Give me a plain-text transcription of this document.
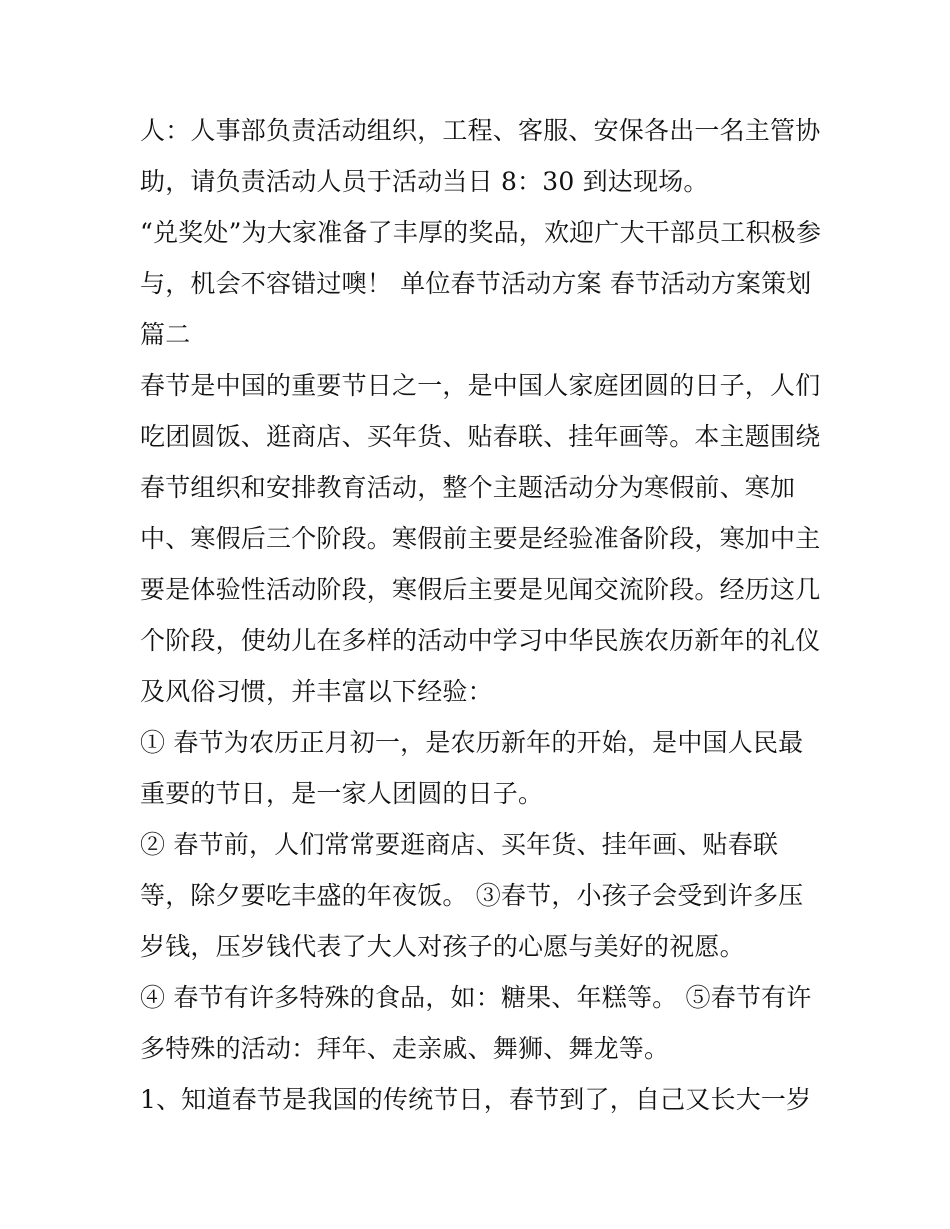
人：人事部负责活动组织，工程、客服、安保各出一名主管协
助，请负责活动人员于活动当日 8：30 到达现场。
“兑奖处”为大家准备了丰厚的奖品，欢迎广大干部员工积极参
与，机会不容错过噢！ 单位春节活动方案 春节活动方案策划
篇二
春节是中国的重要节日之一，是中国人家庭团圆的日子，人们
吃团圆饭、逛商店、买年货、贴春联、挂年画等。本主题围绕
春节组织和安排教育活动，整个主题活动分为寒假前、寒加
中、寒假后三个阶段。寒假前主要是经验准备阶段，寒加中主
要是体验性活动阶段，寒假后主要是见闻交流阶段。经历这几
个阶段，使幼儿在多样的活动中学习中华民族农历新年的礼仪
及风俗习惯，并丰富以下经验：
① 春节为农历正月初一，是农历新年的开始，是中国人民最
重要的节日，是一家人团圆的日子。
② 春节前，人们常常要逛商店、买年货、挂年画、贴春联
等，除夕要吃丰盛的年夜饭。 ③春节，小孩子会受到许多压
岁钱，压岁钱代表了大人对孩子的心愿与美好的祝愿。
④ 春节有许多特殊的食品，如：糖果、年糕等。 ⑤春节有许
多特殊的活动：拜年、走亲戚、舞狮、舞龙等。
1、知道春节是我国的传统节日，春节到了，自己又长大一岁
